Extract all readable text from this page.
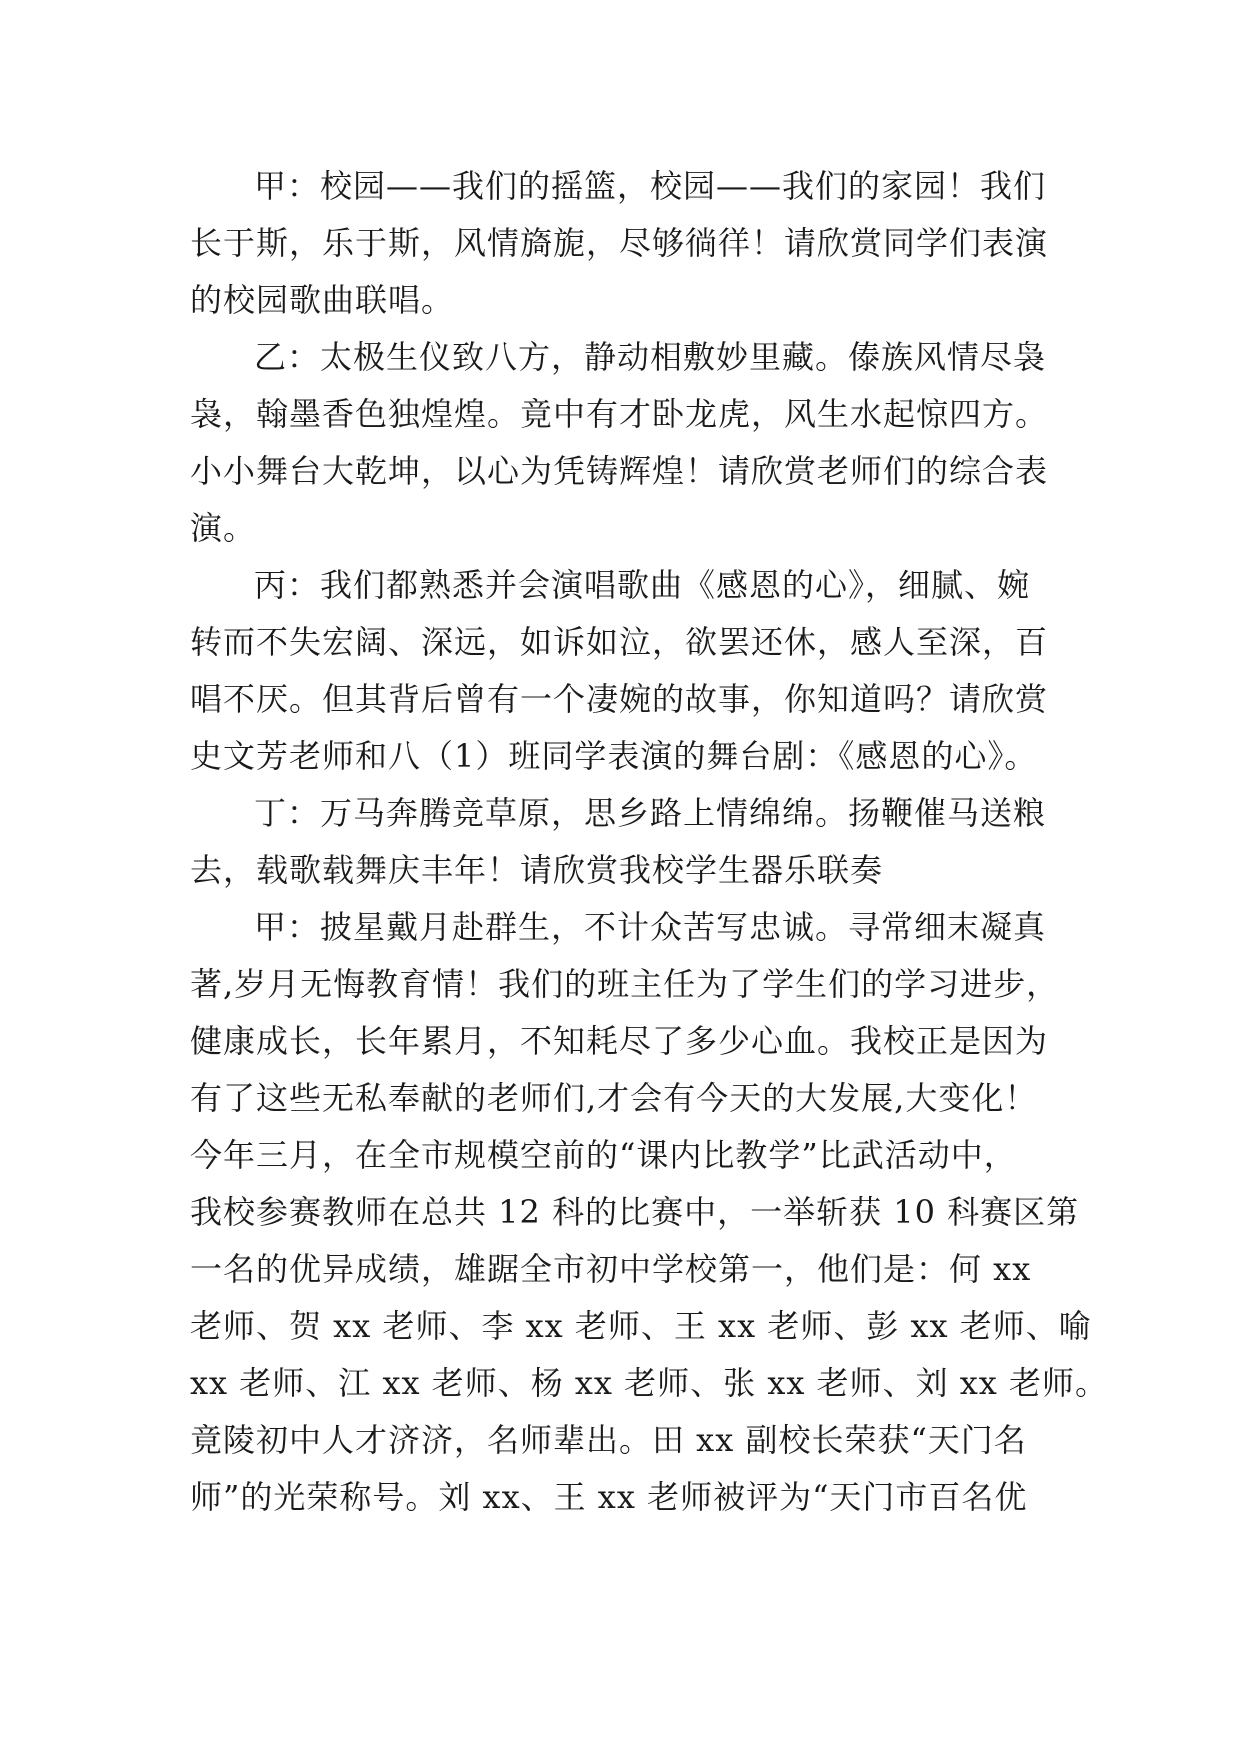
甲：校园——我们的摇篮，校园——我们的家园！我们
长于斯，乐于斯，风情旖旎，尽够徜徉！请欣赏同学们表演
的校园歌曲联唱。

乙：太极生仪致八方，静动相敷妙里藏。傣族风情尽袅
袅，翰墨香色独煌煌。竟中有才卧龙虎，风生水起惊四方。
小小舞台大乾坤，以心为凭铸辉煌！请欣赏老师们的综合表
演。

丙：我们都熟悉并会演唱歌曲《感恩的心》，细腻、婉
转而不失宏阔、深远，如诉如泣，欲罢还休，感人至深，百
唱不厌。但其背后曾有一个凄婉的故事，你知道吗？请欣赏
史文芳老师和八（1）班同学表演的舞台剧：《感恩的心》。

丁：万马奔腾竞草原，思乡路上情绵绵。扬鞭催马送粮
去，载歌载舞庆丰年！请欣赏我校学生器乐联奏

甲：披星戴月赴群生，不计众苦写忠诚。寻常细末凝真
著,岁月无悔教育情！我们的班主任为了学生们的学习进步，
健康成长，长年累月，不知耗尽了多少心血。我校正是因为
有了这些无私奉献的老师们,才会有今天的大发展,大变化！
今年三月，在全市规模空前的“课内比教学”比武活动中，
我校参赛教师在总共 12 科的比赛中，一举斩获 10 科赛区第
一名的优异成绩，雄踞全市初中学校第一，他们是：何 xx
老师、贺 xx 老师、李 xx 老师、王 xx 老师、彭 xx 老师、喻
xx 老师、江 xx 老师、杨 xx 老师、张 xx 老师、刘 xx 老师。
竟陵初中人才济济，名师辈出。田 xx 副校长荣获“天门名
师”的光荣称号。刘 xx、王 xx 老师被评为“天门市百名优
